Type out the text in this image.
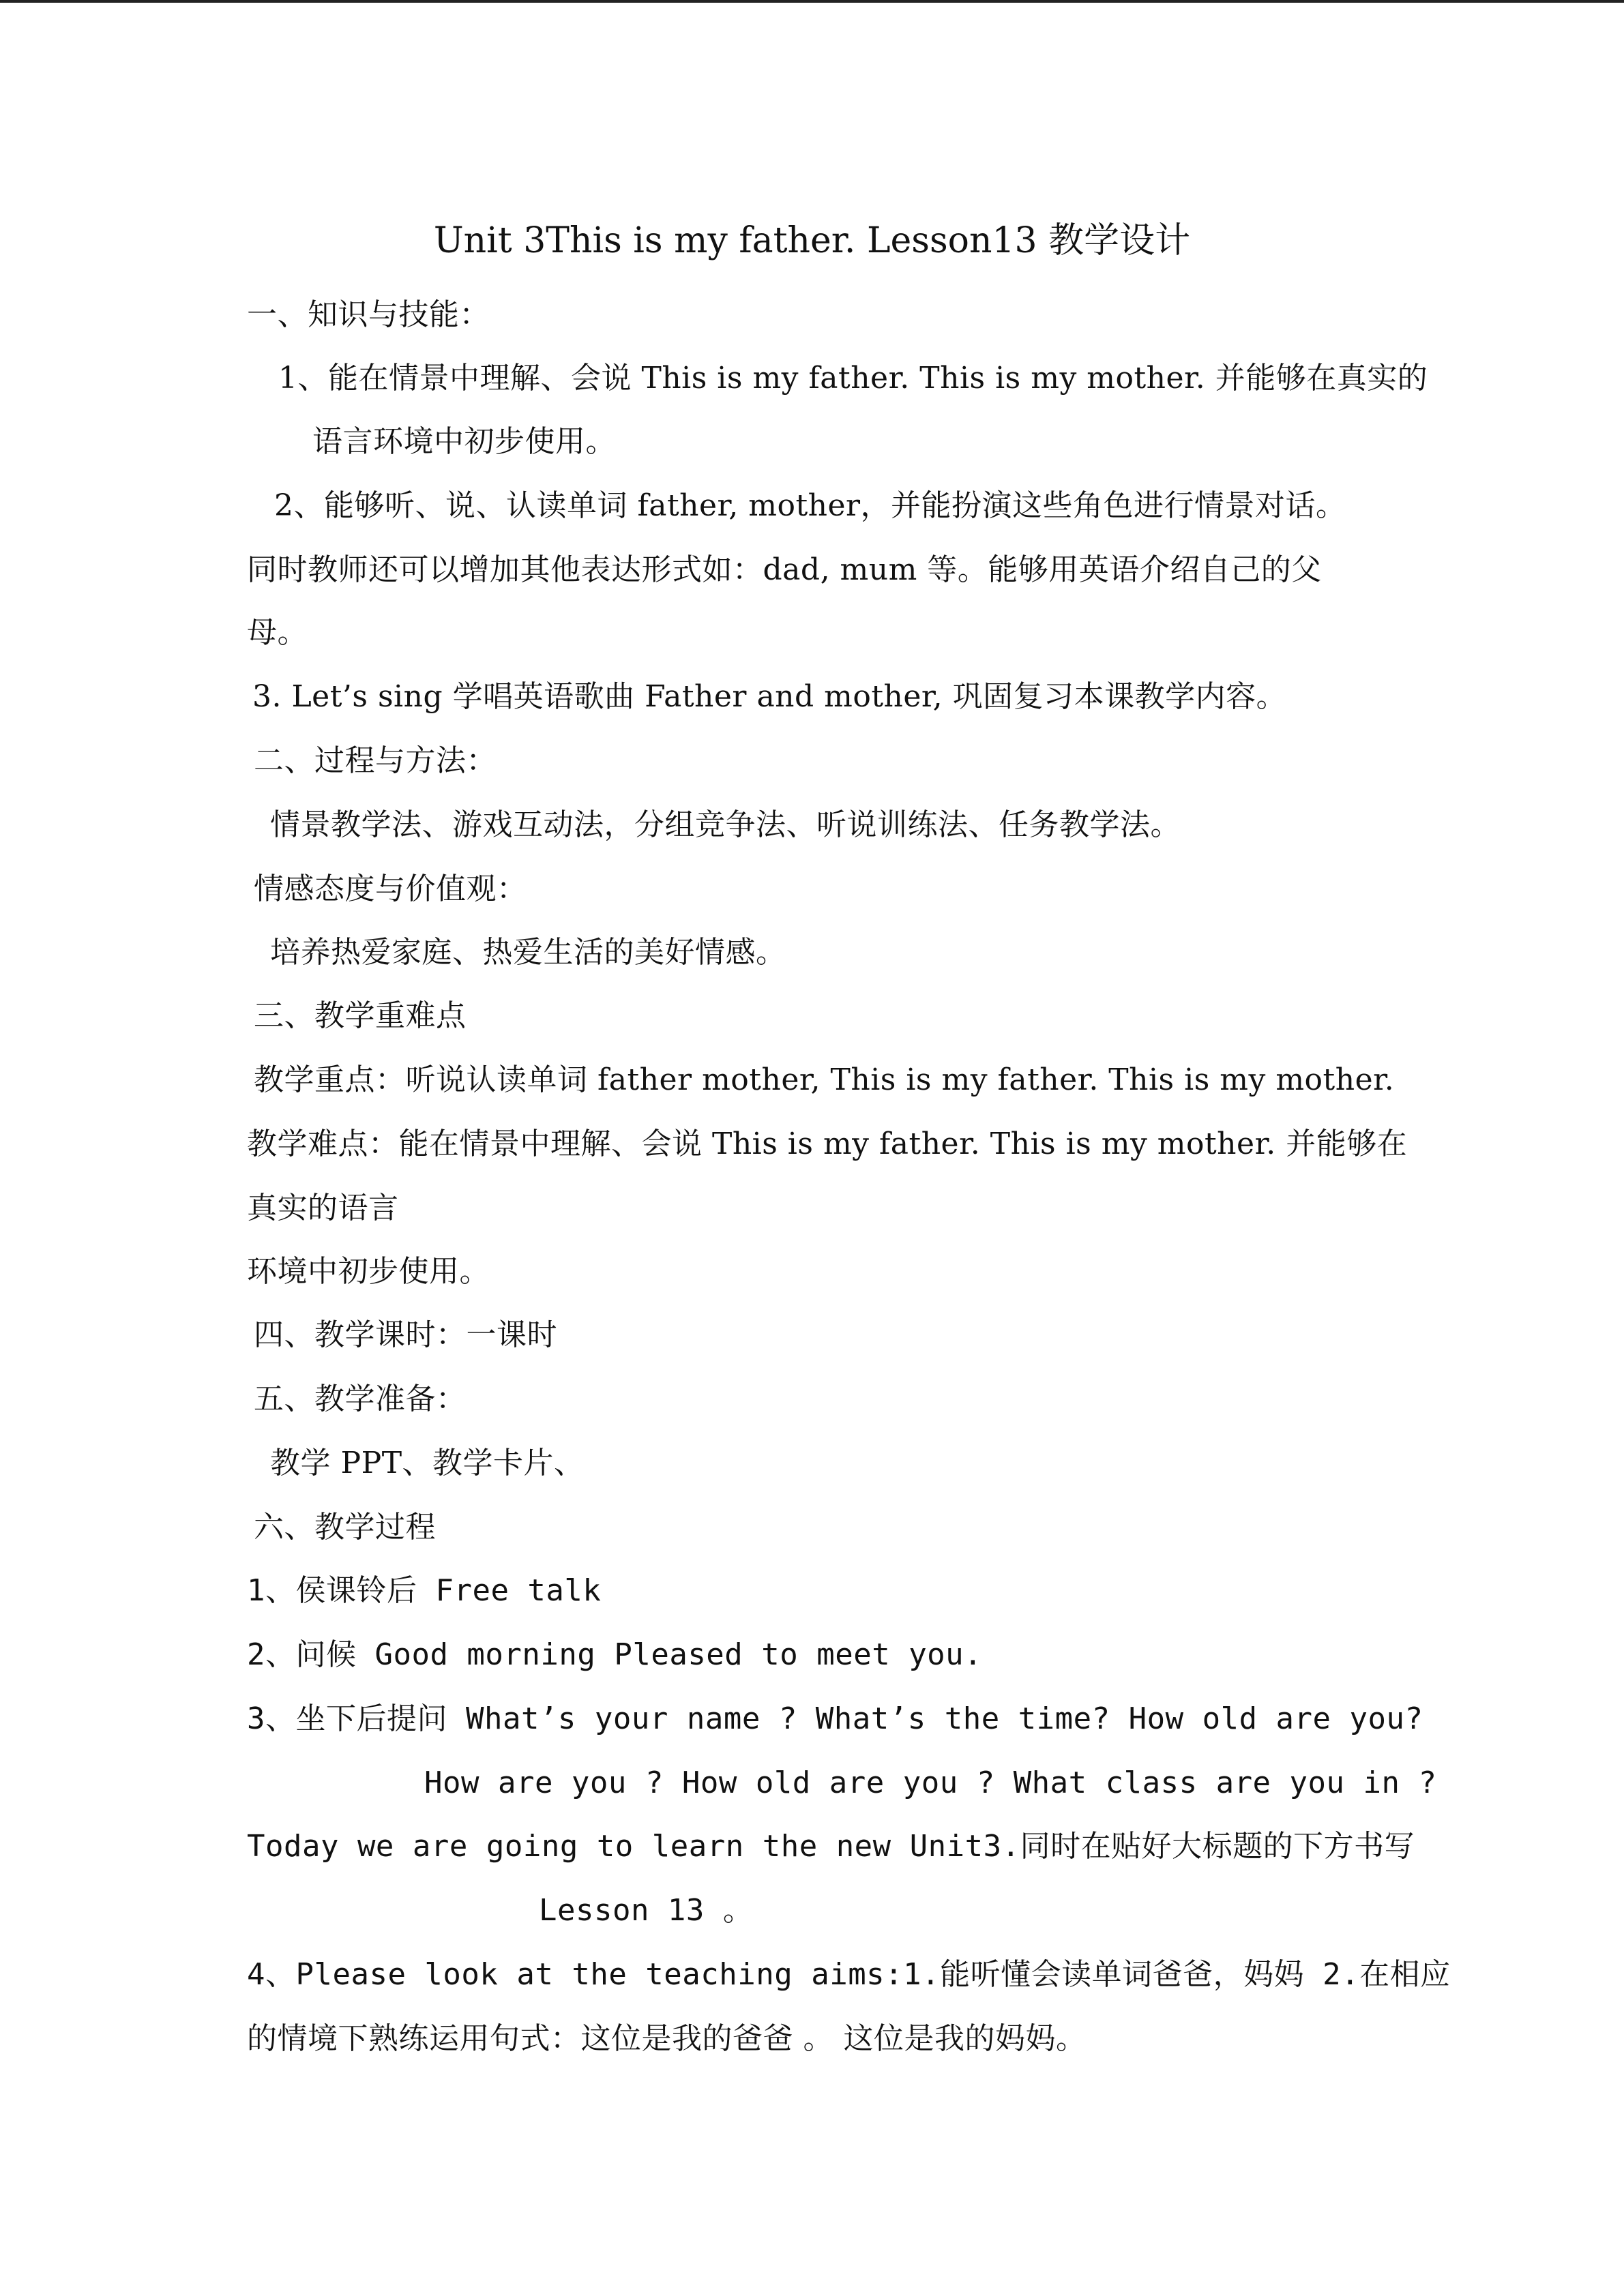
Unit 3This is my father. Lesson13 教学设计
一、知识与技能：
1、能在情景中理解、会说 This is my father. This is my mother. 并能够在真实的
语言环境中初步使用。
2、能够听、说、认读单词 father, mother，并能扮演这些角色进行情景对话。
同时教师还可以增加其他表达形式如：dad, mum 等。能够用英语介绍自己的父
母。
3. Let’s sing 学唱英语歌曲 Father and mother, 巩固复习本课教学内容。
二、过程与方法：
情景教学法、游戏互动法，分组竞争法、听说训练法、任务教学法。
情感态度与价值观：
培养热爱家庭、热爱生活的美好情感。
三、教学重难点
教学重点：听说认读单词 father mother, This is my father. This is my mother.
教学难点：能在情景中理解、会说 This is my father. This is my mother. 并能够在
真实的语言
环境中初步使用。
四、教学课时：一课时
五、教学准备：
教学 PPT、教学卡片、
六、教学过程
1、侯课铃后 Free talk
2、问候 Good morning Pleased to meet you.
3、坐下后提问 What’s your name ? What’s the time? How old are you?
How are you ? How old are you ? What class are you in ?
Today we are going to learn the new Unit3.同时在贴好大标题的下方书写
Lesson 13 。
4、Please look at the teaching aims:1.能听懂会读单词爸爸，妈妈 2.在相应
的情境下熟练运用句式：这位是我的爸爸 。 这位是我的妈妈。
